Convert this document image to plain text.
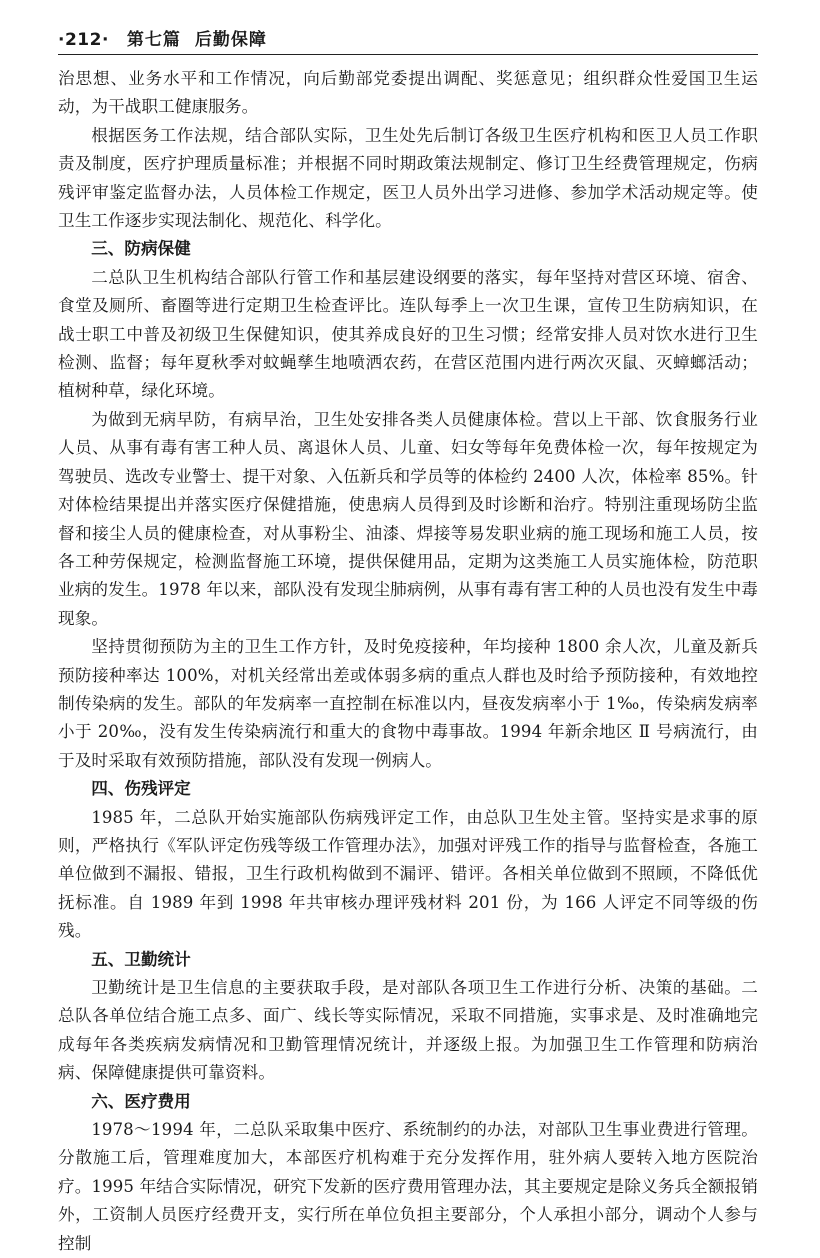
·212· 第七篇 后勤保障

治思想、业务水平和工作情况，向后勤部党委提出调配、奖惩意见；组织群众性爱国卫生运动，为干战职工健康服务。

根据医务工作法规，结合部队实际，卫生处先后制订各级卫生医疗机构和医卫人员工作职责及制度，医疗护理质量标准；并根据不同时期政策法规制定、修订卫生经费管理规定，伤病残评审鉴定监督办法，人员体检工作规定，医卫人员外出学习进修、参加学术活动规定等。使卫生工作逐步实现法制化、规范化、科学化。

三、防病保健

二总队卫生机构结合部队行管工作和基层建设纲要的落实，每年坚持对营区环境、宿舍、食堂及厕所、畜圈等进行定期卫生检查评比。连队每季上一次卫生课，宣传卫生防病知识，在战士职工中普及初级卫生保健知识，使其养成良好的卫生习惯；经常安排人员对饮水进行卫生检测、监督；每年夏秋季对蚊蝇孳生地喷洒农药，在营区范围内进行两次灭鼠、灭蟑螂活动；植树种草，绿化环境。

为做到无病早防，有病早治，卫生处安排各类人员健康体检。营以上干部、饮食服务行业人员、从事有毒有害工种人员、离退休人员、儿童、妇女等每年免费体检一次，每年按规定为驾驶员、选改专业警士、提干对象、入伍新兵和学员等的体检约 2400 人次，体检率 85%。针对体检结果提出并落实医疗保健措施，使患病人员得到及时诊断和治疗。特别注重现场防尘监督和接尘人员的健康检查，对从事粉尘、油漆、焊接等易发职业病的施工现场和施工人员，按各工种劳保规定，检测监督施工环境，提供保健用品，定期为这类施工人员实施体检，防范职业病的发生。1978 年以来，部队没有发现尘肺病例，从事有毒有害工种的人员也没有发生中毒现象。

坚持贯彻预防为主的卫生工作方针，及时免疫接种，年均接种 1800 余人次，儿童及新兵预防接种率达 100%，对机关经常出差或体弱多病的重点人群也及时给予预防接种，有效地控制传染病的发生。部队的年发病率一直控制在标准以内，昼夜发病率小于 1‰，传染病发病率小于 20‰，没有发生传染病流行和重大的食物中毒事故。1994 年新余地区 Ⅱ 号病流行，由于及时采取有效预防措施，部队没有发现一例病人。

四、伤残评定

1985 年，二总队开始实施部队伤病残评定工作，由总队卫生处主管。坚持实是求事的原则，严格执行《军队评定伤残等级工作管理办法》，加强对评残工作的指导与监督检查，各施工单位做到不漏报、错报，卫生行政机构做到不漏评、错评。各相关单位做到不照顾，不降低优抚标准。自 1989 年到 1998 年共审核办理评残材料 201 份，为 166 人评定不同等级的伤残。

五、卫勤统计

卫勤统计是卫生信息的主要获取手段，是对部队各项卫生工作进行分析、决策的基础。二总队各单位结合施工点多、面广、线长等实际情况，采取不同措施，实事求是、及时准确地完成每年各类疾病发病情况和卫勤管理情况统计，并逐级上报。为加强卫生工作管理和防病治病、保障健康提供可靠资料。

六、医疗费用

1978～1994 年，二总队采取集中医疗、系统制约的办法，对部队卫生事业费进行管理。分散施工后，管理难度加大，本部医疗机构难于充分发挥作用，驻外病人要转入地方医院治疗。1995 年结合实际情况，研究下发新的医疗费用管理办法，其主要规定是除义务兵全额报销外，工资制人员医疗经费开支，实行所在单位负担主要部分，个人承担小部分，调动个人参与控制
